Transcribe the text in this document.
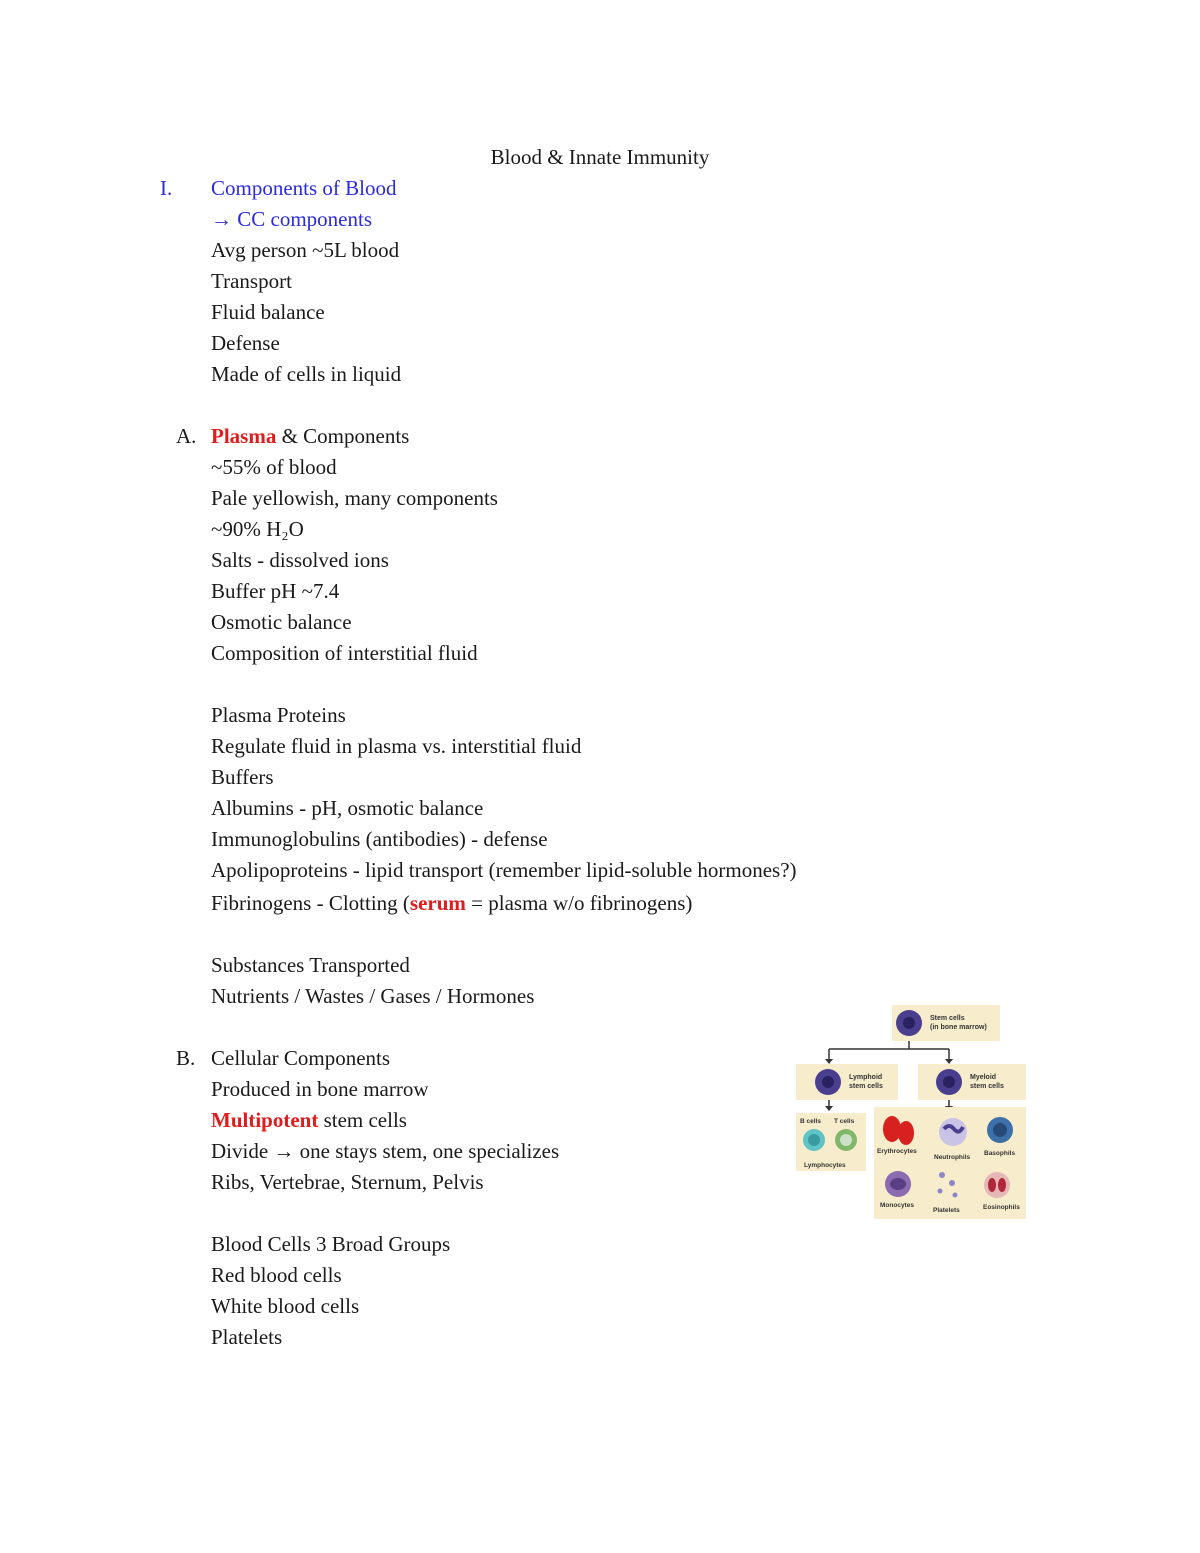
Blood & Innate Immunity
I. Components of Blood
→ CC components
Avg person ~5L blood
Transport
Fluid balance
Defense
Made of cells in liquid
A. Plasma & Components
~55% of blood
Pale yellowish, many components
~90% H₂O
Salts - dissolved ions
Buffer pH ~7.4
Osmotic balance
Composition of interstitial fluid
Plasma Proteins
Regulate fluid in plasma vs. interstitial fluid
Buffers
Albumins - pH, osmotic balance
Immunoglobulins (antibodies) - defense
Apolipoproteins - lipid transport (remember lipid-soluble hormones?)
Fibrinogens - Clotting (serum = plasma w/o fibrinogens)
Substances Transported
Nutrients / Wastes / Gases / Hormones
B. Cellular Components
Produced in bone marrow
Multipotent stem cells
Divide → one stays stem, one specializes
Ribs, Vertebrae, Sternum, Pelvis
Blood Cells 3 Broad Groups
Red blood cells
White blood cells
Platelets
Stem cells
(in bone marrow)
Lymphoid
stem cells
Myeloid
stem cells
B cells T cells
Lymphocytes
Erythrocytes
Neutrophils
Basophils
Monocytes
Platelets	Eosinophils
